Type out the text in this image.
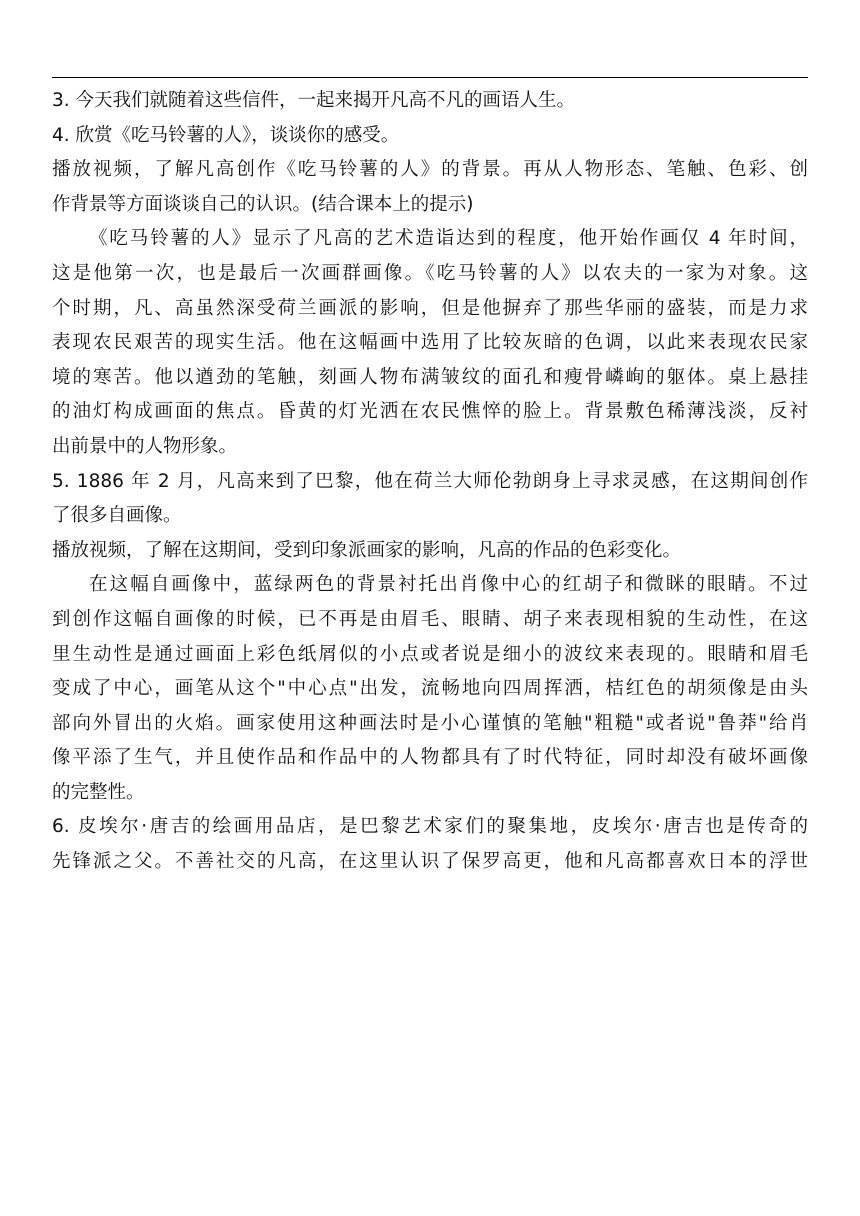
3. 今天我们就随着这些信件，一起来揭开凡高不凡的画语人生。
4. 欣赏《吃马铃薯的人》，谈谈你的感受。
播放视频，了解凡高创作《吃马铃薯的人》的背景。再从人物形态、笔触、色彩、创
作背景等方面谈谈自己的认识。(结合课本上的提示)
《吃马铃薯的人》显示了凡高的艺术造诣达到的程度，他开始作画仅 4 年时间，
这是他第一次，也是最后一次画群画像。《吃马铃薯的人》以农夫的一家为对象。这
个时期，凡、高虽然深受荷兰画派的影响，但是他摒弃了那些华丽的盛装，而是力求
表现农民艰苦的现实生活。他在这幅画中选用了比较灰暗的色调，以此来表现农民家
境的寒苦。他以遒劲的笔触，刻画人物布满皱纹的面孔和瘦骨嶙峋的躯体。桌上悬挂
的油灯构成画面的焦点。昏黄的灯光洒在农民憔悴的脸上。背景敷色稀薄浅淡，反衬
出前景中的人物形象。
5. 1886 年 2 月，凡高来到了巴黎，他在荷兰大师伦勃朗身上寻求灵感，在这期间创作
了很多自画像。
播放视频，了解在这期间，受到印象派画家的影响，凡高的作品的色彩变化。
在这幅自画像中，蓝绿两色的背景衬托出肖像中心的红胡子和微眯的眼睛。不过
到创作这幅自画像的时候，已不再是由眉毛、眼睛、胡子来表现相貌的生动性，在这
里生动性是通过画面上彩色纸屑似的小点或者说是细小的波纹来表现的。眼睛和眉毛
变成了中心，画笔从这个"中心点"出发，流畅地向四周挥洒，桔红色的胡须像是由头
部向外冒出的火焰。画家使用这种画法时是小心谨慎的笔触"粗糙"或者说"鲁莽"给肖
像平添了生气，并且使作品和作品中的人物都具有了时代特征，同时却没有破坏画像
的完整性。
6. 皮埃尔·唐吉的绘画用品店，是巴黎艺术家们的聚集地，皮埃尔·唐吉也是传奇的
先锋派之父。不善社交的凡高，在这里认识了保罗高更，他和凡高都喜欢日本的浮世
